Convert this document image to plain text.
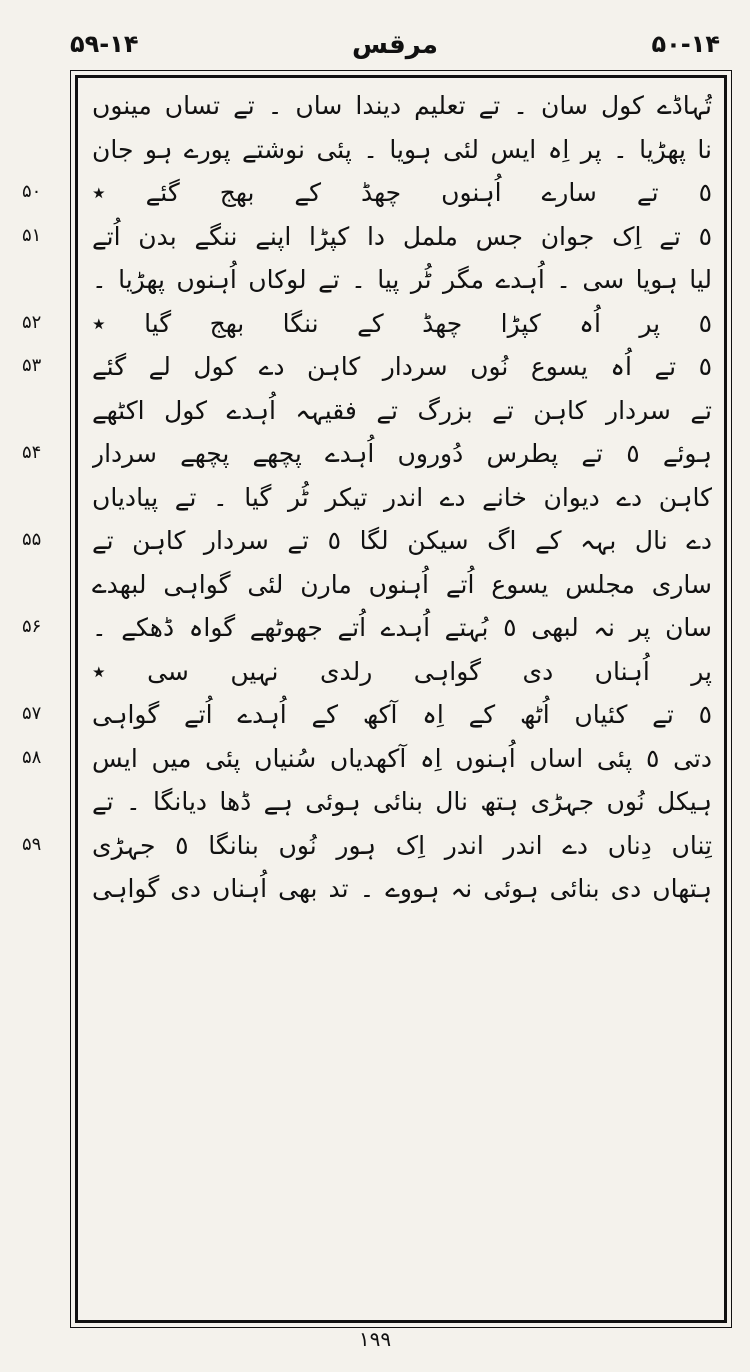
۵۹-۱۴	مرقس	۵۰-۱۴
تُہاڈے کول سان ۔ تے تعلیم دیندا ساں ۔ تے تساں مینوں
نا پھڑیا ۔ پر اِہ ایس لئی ہویا ۔ پئی نوشتے پورے ہو جان
٥ تے سارے اُہنوں چھڈ کے بھج گئے ٭
٥ تے اِک جوان جس ململ دا کپڑا اپنے ننگے بدن اُتے
لیا ہویا سی ۔ اُہدے مگر ٹُر پیا ۔ تے لوکاں اُہنوں پھڑیا ۔
٥ پر اُہ کپڑا چھڈ کے ننگا بھج گیا ٭
٥ تے اُہ یسوع نُوں سردار کاہن دے کول لے گئے
تے سردار کاہن تے بزرگ تے فقیہہ اُہدے کول اکٹھے
ہوئے ٥ تے پطرس دُوروں اُہدے پچھے پچھے سردار
کاہن دے دیوان خانے دے اندر تیکر ٹُر گیا ۔ تے پیادیاں
دے نال بہہ کے اگ سیکن لگا ٥ تے سردار کاہن تے
ساری مجلس یسوع اُتے اُہنوں مارن لئی گواہی لبھدے
سان پر نہ لبھی ٥ بُہتے اُہدے اُتے جھوٹھے گواہ ڈھکے ۔
پر اُہناں دی گواہی رلدی نہیں سی ٭
٥ تے کئیاں اُٹھ کے اِہ آکھ کے اُہدے اُتے گواہی
دتی ٥ پئی اساں اُہنوں اِہ آکھدیاں سُنیاں پئی میں ایس
ہیکل نُوں جہڑی ہتھ نال بنائی ہوئی ہے ڈھا دیانگا ۔ تے
تِناں دِناں دے اندر اندر اِک ہور نُوں بنانگا ٥ جہڑی
ہتھاں دی بنائی ہوئی نہ ہووے ۔ تد بھی اُہناں دی گواہی
۵۰
۵۱
۵۲
۵۳
۵۴
۵۵
۵۶
۵۷
۵۸
۵۹
۱۹۹
